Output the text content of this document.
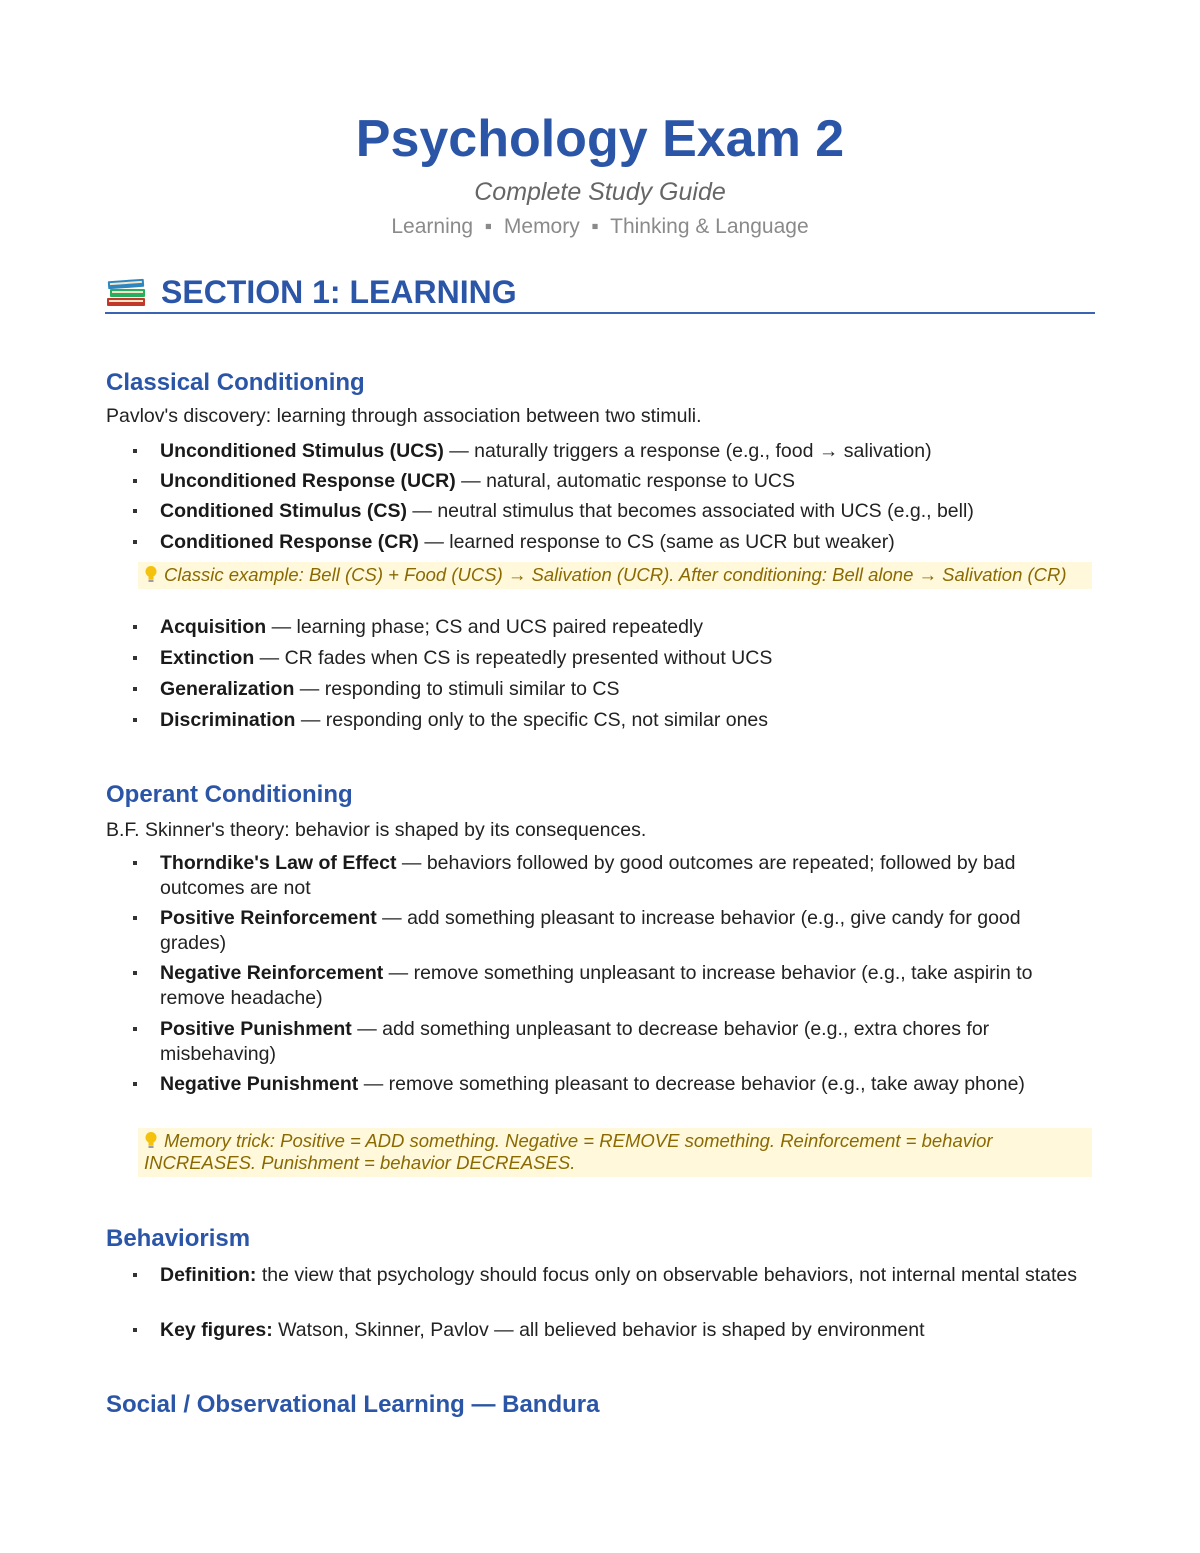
Psychology Exam 2

Complete Study Guide

Learning  ▪  Memory  ▪  Thinking & Language

SECTION 1: LEARNING
Classical Conditioning

Pavlov's discovery: learning through association between two stimuli.

Unconditioned Stimulus (UCS) — naturally triggers a response (e.g., food → salivation)
Unconditioned Response (UCR) — natural, automatic response to UCS
Conditioned Stimulus (CS) — neutral stimulus that becomes associated with UCS (e.g., bell)
Conditioned Response (CR) — learned response to CS (same as UCR but weaker)
Classic example: Bell (CS) + Food (UCS) → Salivation (UCR). After conditioning: Bell alone → Salivation (CR)
Acquisition — learning phase; CS and UCS paired repeatedly
Extinction — CR fades when CS is repeatedly presented without UCS
Generalization — responding to stimuli similar to CS
Discrimination — responding only to the specific CS, not similar ones
Operant Conditioning

B.F. Skinner's theory: behavior is shaped by its consequences.

Thorndike's Law of Effect — behaviors followed by good outcomes are repeated; followed by bad outcomes are not
Positive Reinforcement — add something pleasant to increase behavior (e.g., give candy for good grades)
Negative Reinforcement — remove something unpleasant to increase behavior (e.g., take aspirin to remove headache)
Positive Punishment — add something unpleasant to decrease behavior (e.g., extra chores for misbehaving)
Negative Punishment — remove something pleasant to decrease behavior (e.g., take away phone)
Memory trick: Positive = ADD something. Negative = REMOVE something. Reinforcement = behavior INCREASES. Punishment = behavior DECREASES.
Behaviorism
Definition: the view that psychology should focus only on observable behaviors, not internal mental states
Key figures: Watson, Skinner, Pavlov — all believed behavior is shaped by environment
Social / Observational Learning — Bandura
